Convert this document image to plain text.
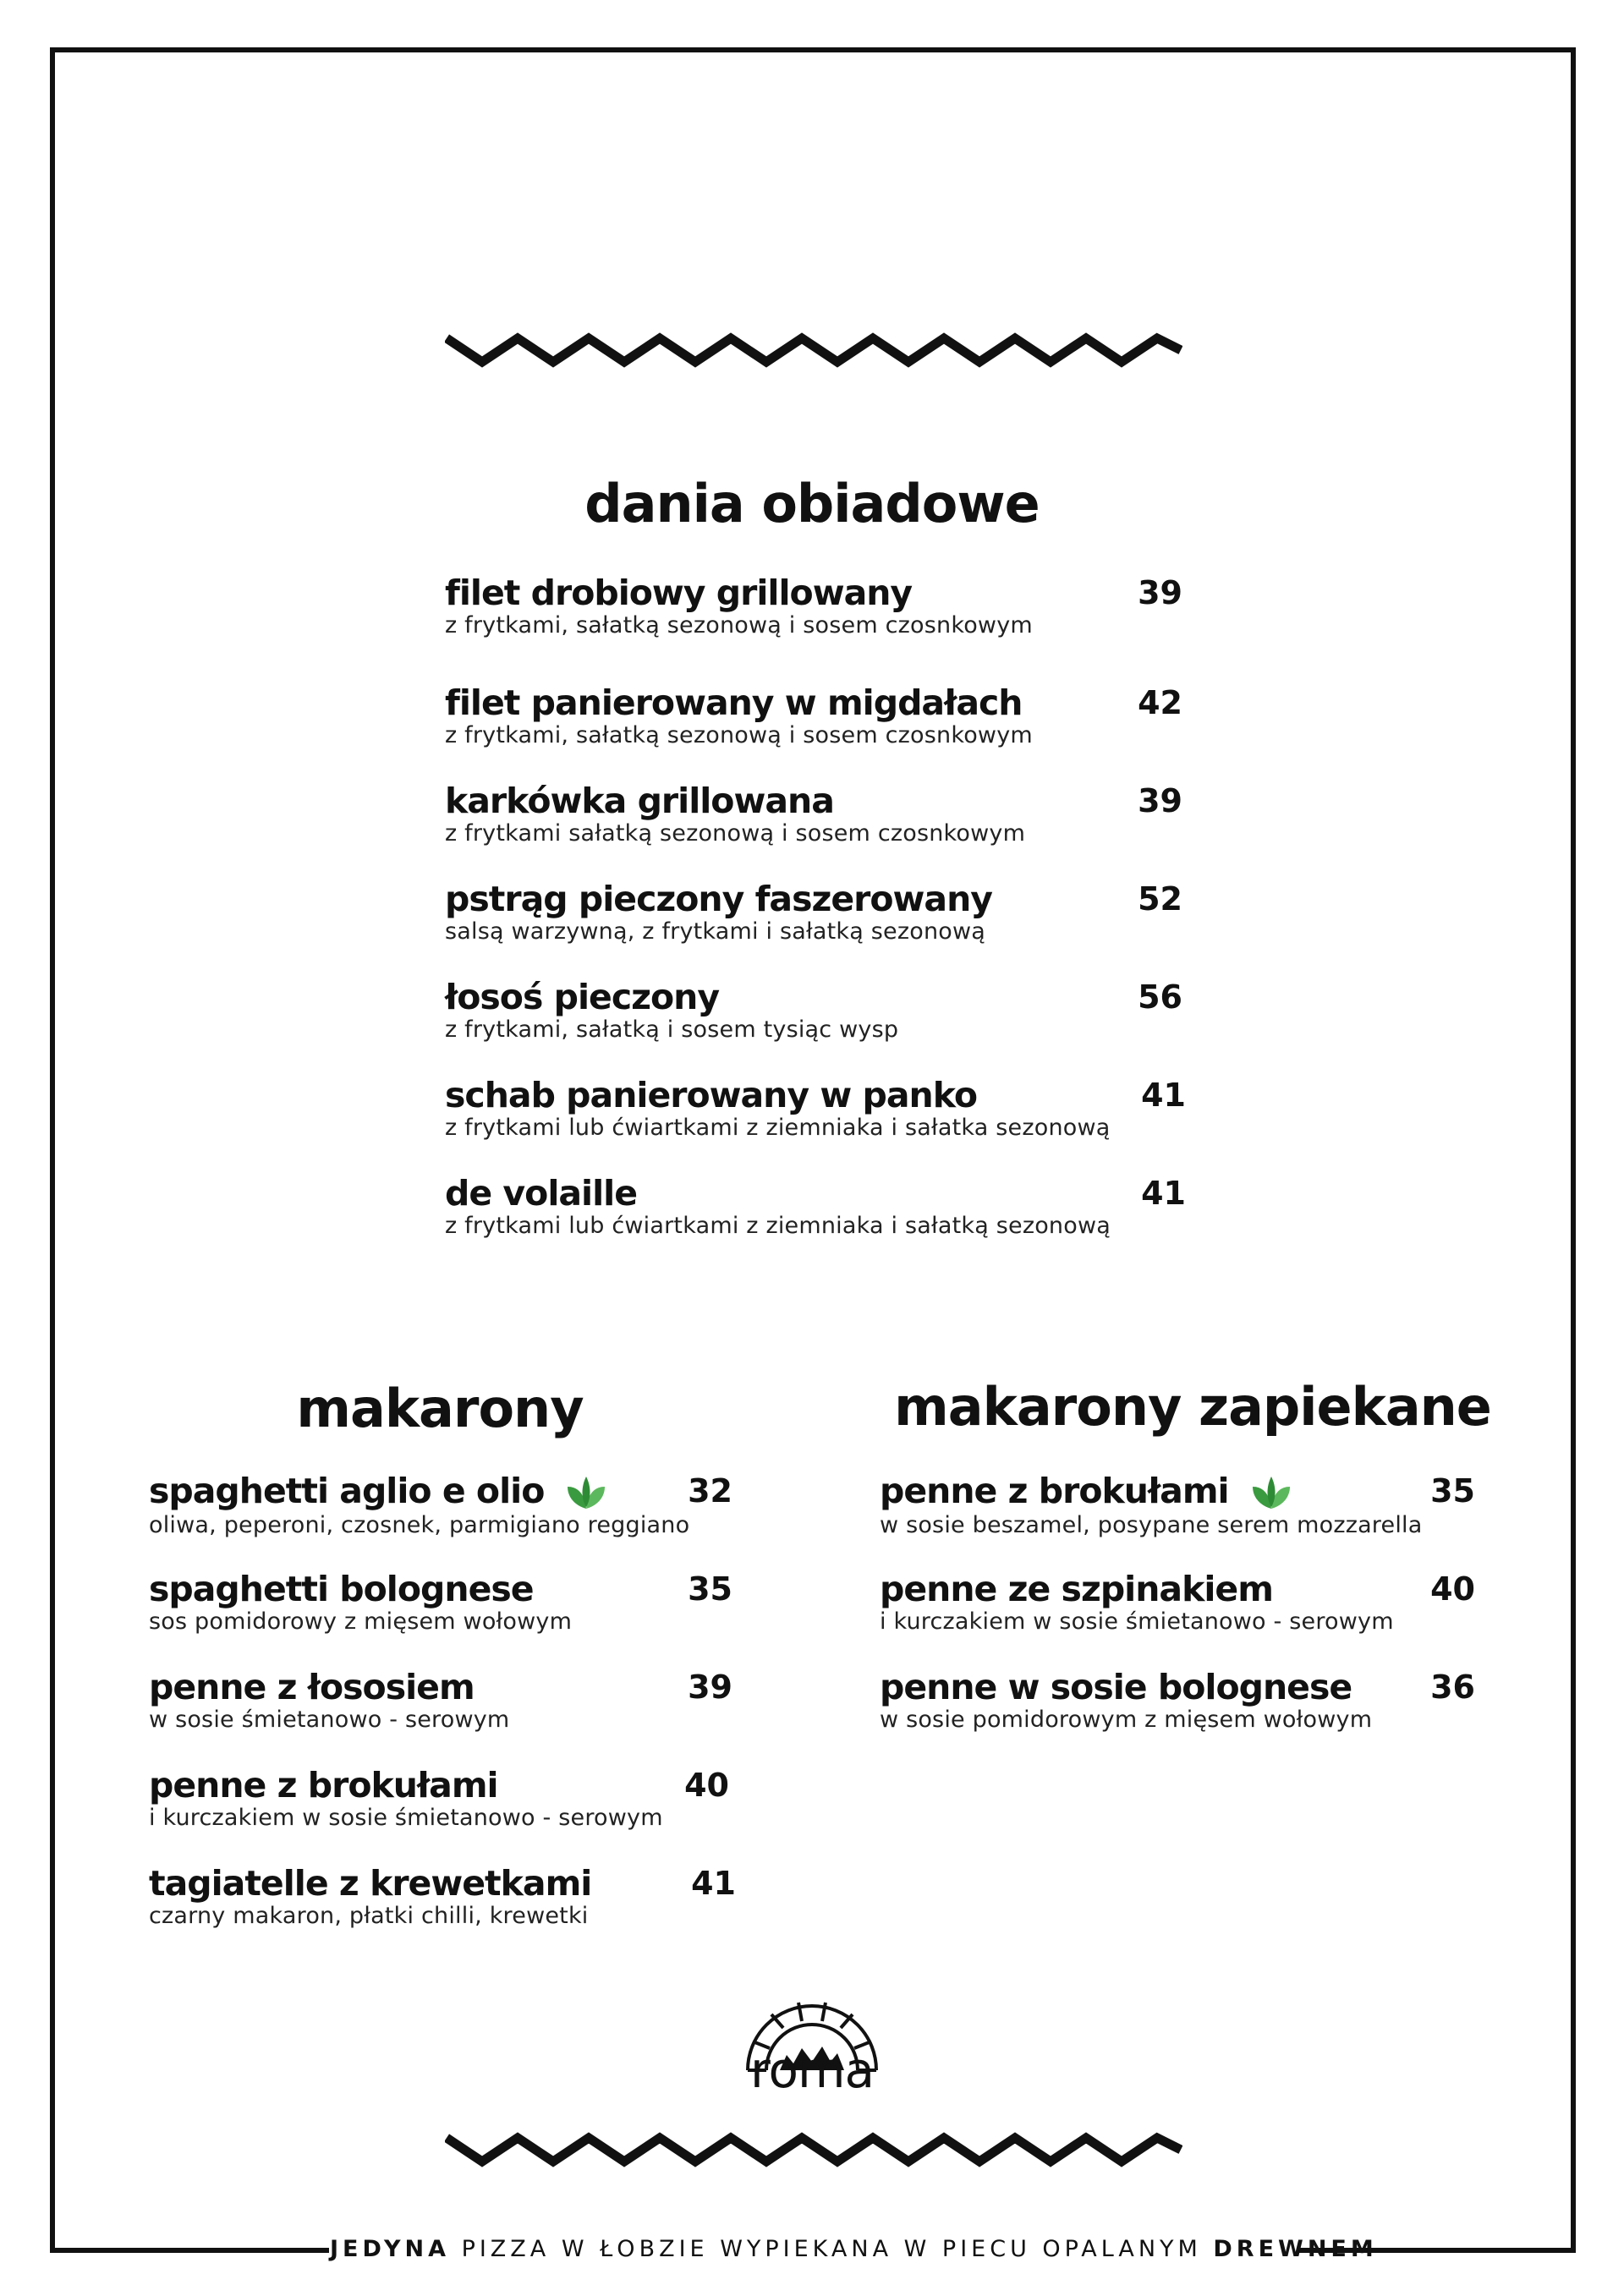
dania obiadowe
filet drobiowy grillowany
z frytkami, sałatką sezonową i sosem czosnkowym
39
filet panierowany w migdałach
z frytkami, sałatką sezonową i sosem czosnkowym
42
karkówka grillowana
z frytkami sałatką sezonową i sosem czosnkowym
39
pstrąg pieczony faszerowany
salsą warzywną, z frytkami i sałatką sezonową
52
łosoś pieczony
z frytkami, sałatką i sosem tysiąc wysp
56
schab panierowany w panko
z frytkami lub ćwiartkami z ziemniaka i sałatka sezonową
41
de volaille
z frytkami lub ćwiartkami z ziemniaka i sałatką sezonową
41
makarony
spaghetti aglio e olio
oliwa, peperoni, czosnek, parmigiano reggiano
32
spaghetti bolognese
sos pomidorowy z mięsem wołowym
35
penne z łososiem
w sosie śmietanowo - serowym
39
penne z brokułami
i kurczakiem w sosie śmietanowo - serowym
40
tagiatelle z krewetkami
czarny makaron, płatki chilli, krewetki
41
makarony zapiekane
penne z brokułami
w sosie beszamel, posypane serem mozzarella
35
penne ze szpinakiem
i kurczakiem w sosie śmietanowo - serowym
40
penne w sosie bolognese
w sosie pomidorowym z mięsem wołowym
36
roma
JEDYNA PIZZA W ŁOBZIE WYPIEKANA W PIECU OPALANYM DREWNEM
